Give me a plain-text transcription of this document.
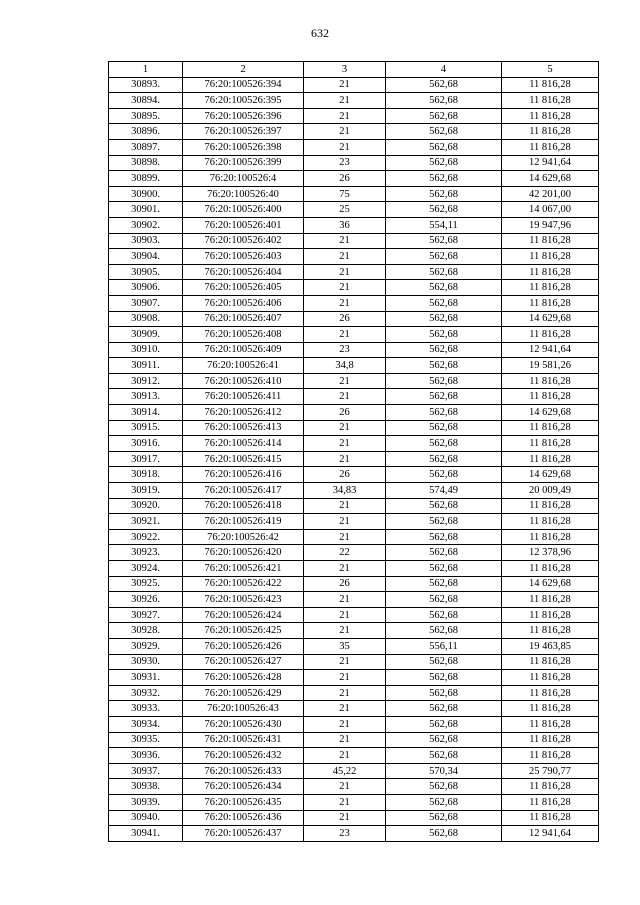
632
1	2	3	4	5
30893.	76:20:100526:394	21	562,68	11 816,28
30894.	76:20:100526:395	21	562,68	11 816,28
30895.	76:20:100526:396	21	562,68	11 816,28
30896.	76:20:100526:397	21	562,68	11 816,28
30897.	76:20:100526:398	21	562,68	11 816,28
30898.	76:20:100526:399	23	562,68	12 941,64
30899.	76:20:100526:4	26	562,68	14 629,68
30900.	76:20:100526:40	75	562,68	42 201,00
30901.	76:20:100526:400	25	562,68	14 067,00
30902.	76:20:100526:401	36	554,11	19 947,96
30903.	76:20:100526:402	21	562,68	11 816,28
30904.	76:20:100526:403	21	562,68	11 816,28
30905.	76:20:100526:404	21	562,68	11 816,28
30906.	76:20:100526:405	21	562,68	11 816,28
30907.	76:20:100526:406	21	562,68	11 816,28
30908.	76:20:100526:407	26	562,68	14 629,68
30909.	76:20:100526:408	21	562,68	11 816,28
30910.	76:20:100526:409	23	562,68	12 941,64
30911.	76:20:100526:41	34,8	562,68	19 581,26
30912.	76:20:100526:410	21	562,68	11 816,28
30913.	76:20:100526:411	21	562,68	11 816,28
30914.	76:20:100526:412	26	562,68	14 629,68
30915.	76:20:100526:413	21	562,68	11 816,28
30916.	76:20:100526:414	21	562,68	11 816,28
30917.	76:20:100526:415	21	562,68	11 816,28
30918.	76:20:100526:416	26	562,68	14 629,68
30919.	76:20:100526:417	34,83	574,49	20 009,49
30920.	76:20:100526:418	21	562,68	11 816,28
30921.	76:20:100526:419	21	562,68	11 816,28
30922.	76:20:100526:42	21	562,68	11 816,28
30923.	76:20:100526:420	22	562,68	12 378,96
30924.	76:20:100526:421	21	562,68	11 816,28
30925.	76:20:100526:422	26	562,68	14 629,68
30926.	76:20:100526:423	21	562,68	11 816,28
30927.	76:20:100526:424	21	562,68	11 816,28
30928.	76:20:100526:425	21	562,68	11 816,28
30929.	76:20:100526:426	35	556,11	19 463,85
30930.	76:20:100526:427	21	562,68	11 816,28
30931.	76:20:100526:428	21	562,68	11 816,28
30932.	76:20:100526:429	21	562,68	11 816,28
30933.	76:20:100526:43	21	562,68	11 816,28
30934.	76:20:100526:430	21	562,68	11 816,28
30935.	76:20:100526:431	21	562,68	11 816,28
30936.	76:20:100526:432	21	562,68	11 816,28
30937.	76:20:100526:433	45,22	570,34	25 790,77
30938.	76:20:100526:434	21	562,68	11 816,28
30939.	76:20:100526:435	21	562,68	11 816,28
30940.	76:20:100526:436	21	562,68	11 816,28
30941.	76:20:100526:437	23	562,68	12 941,64
